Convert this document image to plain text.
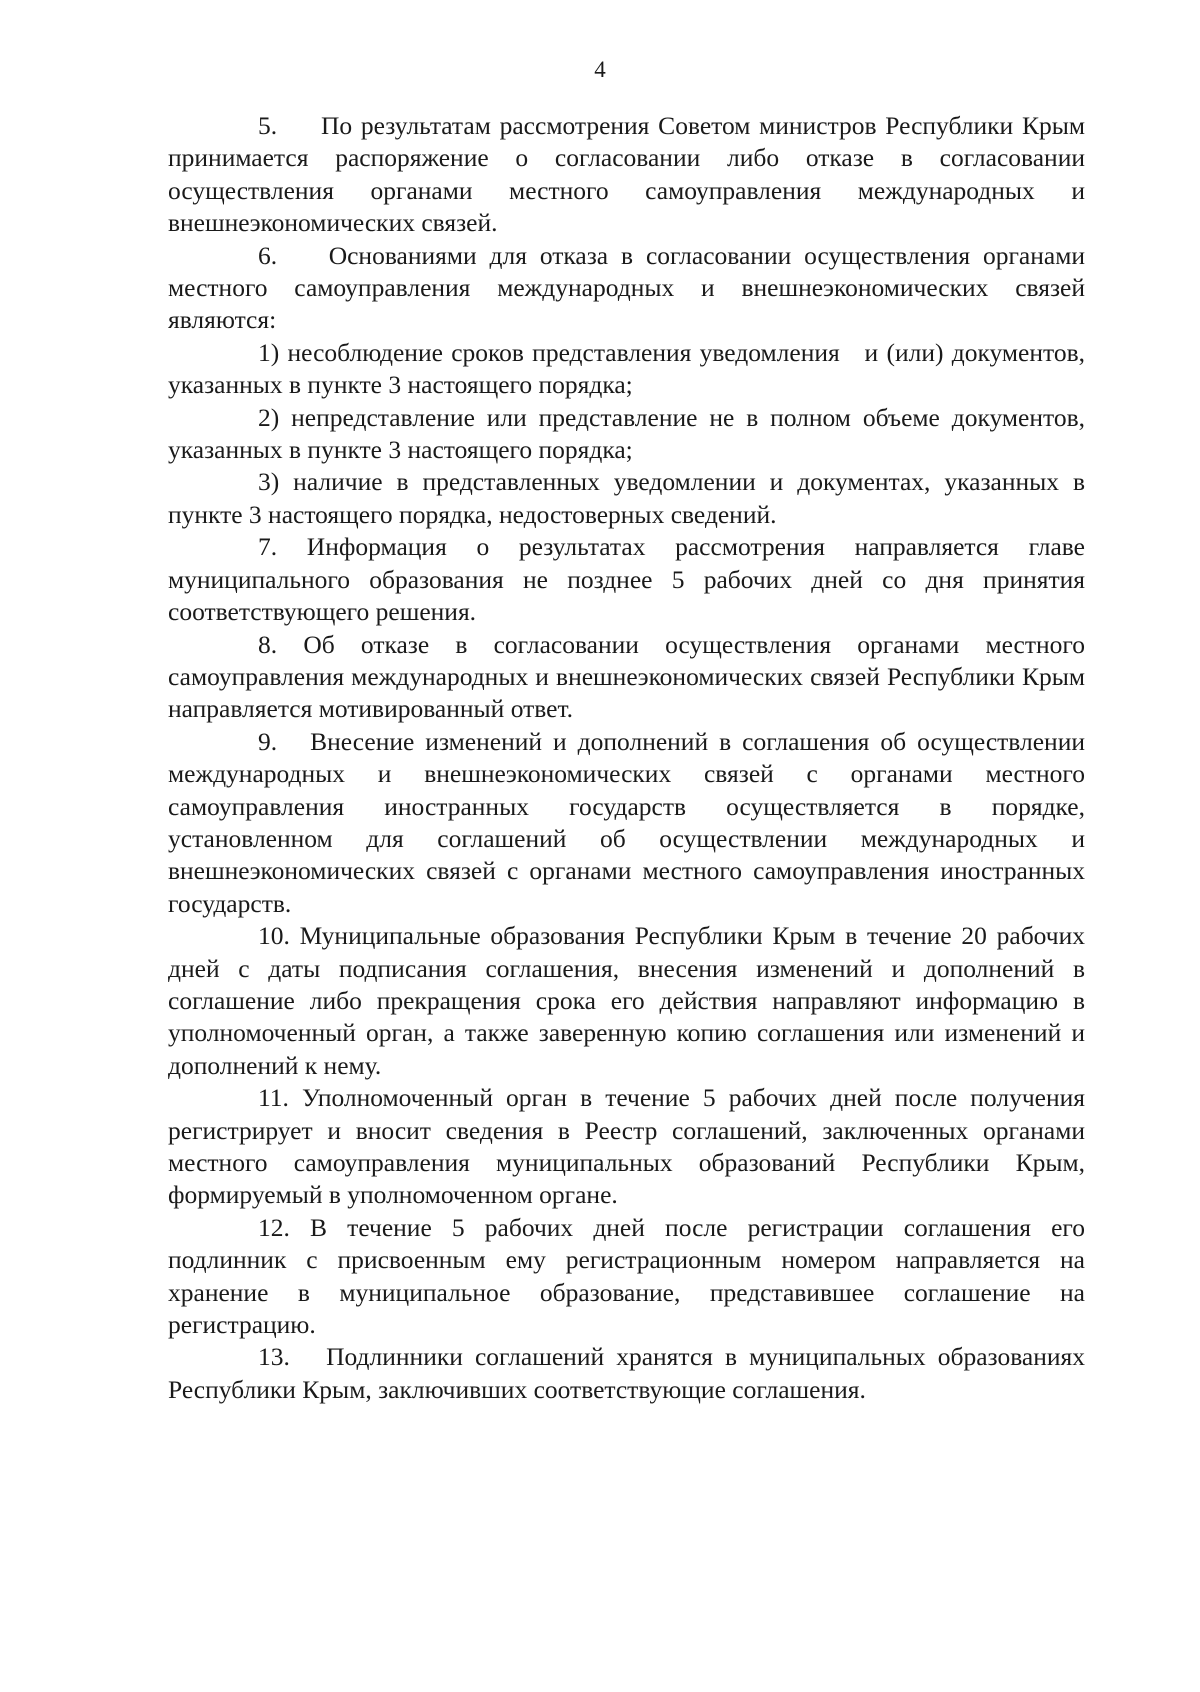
4

5.     По результатам рассмотрения Советом министров Республики Крым принимается распоряжение о согласовании либо отказе в согласовании осуществления органами местного самоуправления международных и внешнеэкономических связей.

6.    Основаниями для отказа в согласовании осуществления органами местного самоуправления международных и внешнеэкономических связей являются:

1) несоблюдение сроков представления уведомления   и (или) документов, указанных в пункте 3 настоящего порядка;

2) непредставление или представление не в полном объеме документов, указанных в пункте 3 настоящего порядка;

3) наличие в представленных уведомлении и документах, указанных в пункте 3 настоящего порядка, недостоверных сведений.

7. Информация о результатах рассмотрения направляется главе муниципального образования не позднее 5 рабочих дней со дня принятия соответствующего решения.

8. Об отказе в согласовании осуществления органами местного самоуправления международных и внешнеэкономических связей Республики Крым направляется мотивированный ответ.

9.   Внесение изменений и дополнений в соглашения об осуществлении международных и внешнеэкономических связей с органами местного самоуправления иностранных государств осуществляется в порядке, установленном для соглашений об осуществлении международных и внешнеэкономических связей с органами местного самоуправления иностранных государств.

10. Муниципальные образования Республики Крым в течение 20 рабочих дней с даты подписания соглашения, внесения изменений и дополнений в соглашение либо прекращения срока его действия направляют информацию в уполномоченный орган, а также заверенную копию соглашения или изменений и дополнений к нему.

11. Уполномоченный орган в течение 5 рабочих дней после получения регистрирует и вносит сведения в Реестр соглашений, заключенных органами местного самоуправления муниципальных образований Республики Крым, формируемый в уполномоченном органе.

12. В течение 5 рабочих дней после регистрации соглашения его подлинник с присвоенным ему регистрационным номером направляется на хранение в муниципальное образование, представившее соглашение на регистрацию.

13.   Подлинники соглашений хранятся в муниципальных образованиях Республики Крым, заключивших соответствующие соглашения.
